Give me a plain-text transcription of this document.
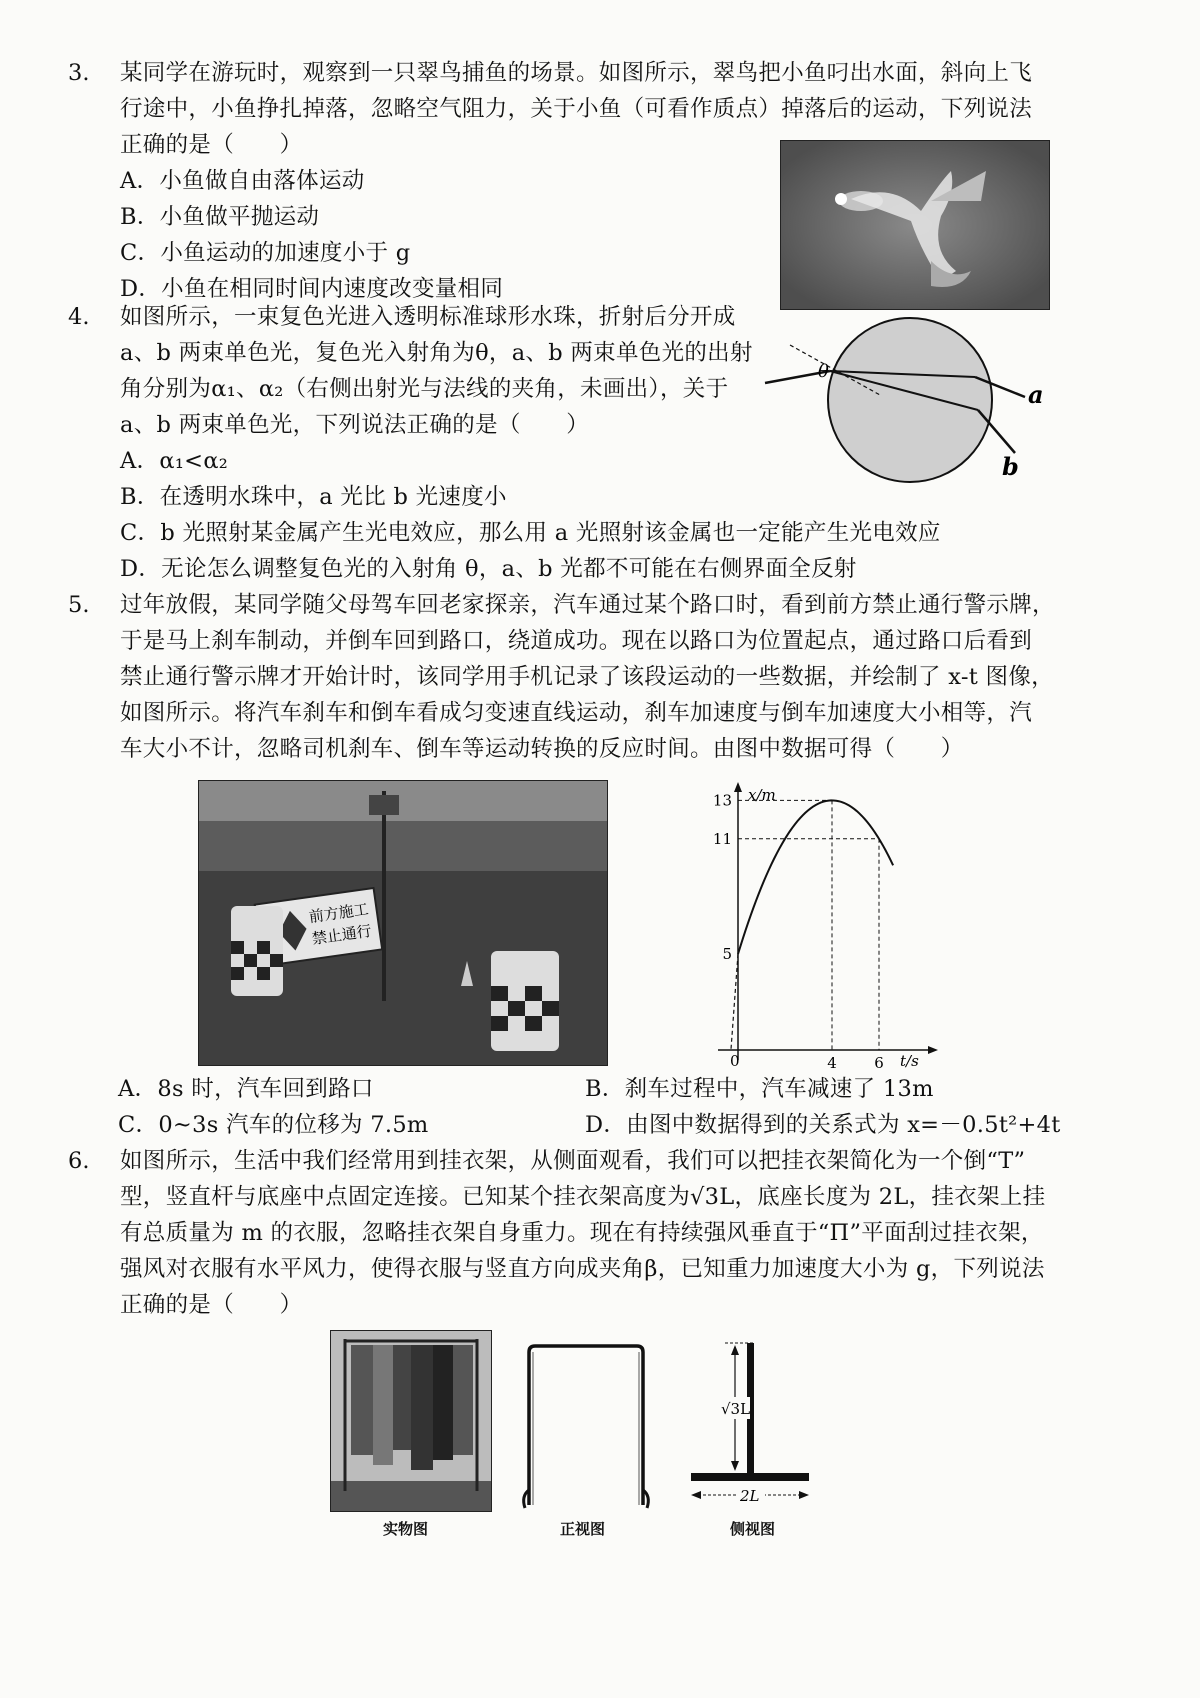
3. 某同学在游玩时，观察到一只翠鸟捕鱼的场景。如图所示，翠鸟把小鱼叼出水面，斜向上飞
行途中，小鱼挣扎掉落，忽略空气阻力，关于小鱼（可看作质点）掉落后的运动，下列说法
正确的是（　　）
A．小鱼做自由落体运动
B．小鱼做平抛运动
C．小鱼运动的加速度小于 g
D．小鱼在相同时间内速度改变量相同
4. 如图所示，一束复色光进入透明标准球形水珠，折射后分开成
a、b 两束单色光，复色光入射角为θ，a、b 两束单色光的出射
角分别为α₁、α₂（右侧出射光与法线的夹角，未画出），关于
a、b 两束单色光，下列说法正确的是（　　）
A．α₁<α₂
B．在透明水珠中，a 光比 b 光速度小
C．b 光照射某金属产生光电效应，那么用 a 光照射该金属也一定能产生光电效应
D．无论怎么调整复色光的入射角 θ，a、b 光都不可能在右侧界面全反射
θ
a
b
5. 过年放假，某同学随父母驾车回老家探亲，汽车通过某个路口时，看到前方禁止通行警示牌，
于是马上刹车制动，并倒车回到路口，绕道成功。现在以路口为位置起点，通过路口后看到
禁止通行警示牌才开始计时，该同学用手机记录了该段运动的一些数据，并绘制了 x-t 图像，
如图所示。将汽车刹车和倒车看成匀变速直线运动，刹车加速度与倒车加速度大小相等，汽
车大小不计，忽略司机刹车、倒车等运动转换的反应时间。由图中数据可得（　　）
前方施工
禁止通行
5
11
13
4 6
x/m
t/s
0
A．8s 时，汽车回到路口	B．刹车过程中，汽车减速了 13m
C．0~3s 汽车的位移为 7.5m	D．由图中数据得到的关系式为 x=－0.5t²+4t
6. 如图所示，生活中我们经常用到挂衣架，从侧面观看，我们可以把挂衣架简化为一个倒“T”
型，竖直杆与底座中点固定连接。已知某个挂衣架高度为√3L，底座长度为 2L，挂衣架上挂
有总质量为 m 的衣服，忽略挂衣架自身重力。现在有持续强风垂直于“Π”平面刮过挂衣架，
强风对衣服有水平风力，使得衣服与竖直方向成夹角β，已知重力加速度大小为 g，下列说法
正确的是（　　）
√3L
2L
实物图	正视图	侧视图
